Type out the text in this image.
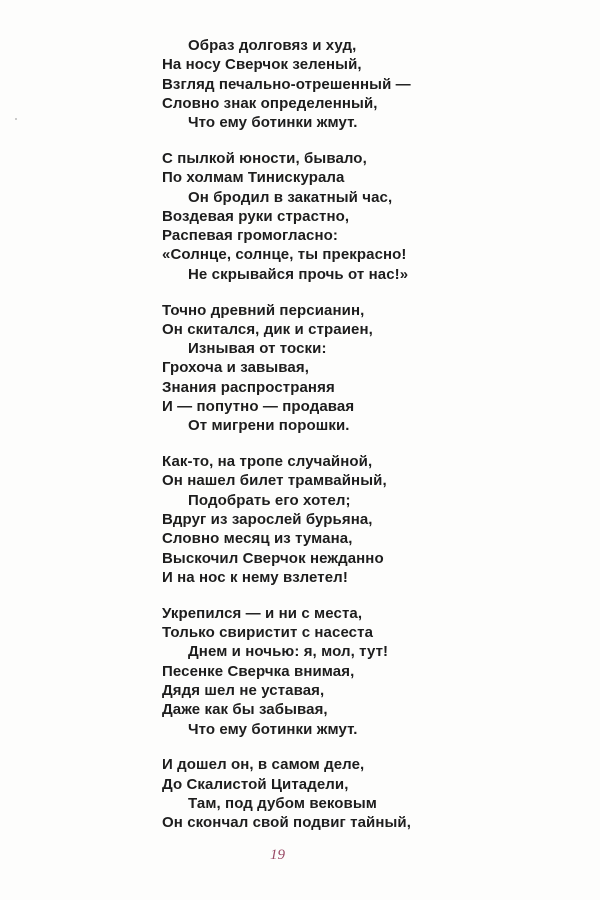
Образ долговяз и худ,
На носу Сверчок зеленый,
Взгляд печально-отрешенный —
Словно знак определенный,
Что ему ботинки жмут.
С пылкой юности, бывало,
По холмам Тинискурала
Он бродил в закатный час,
Воздевая руки страстно,
Распевая громогласно:
«Солнце, солнце, ты прекрасно!
Не скрывайся прочь от нас!»
Точно древний персианин,
Он скитался, дик и страиен,
Изнывая от тоски:
Грохоча и завывая,
Знания распространяя
И — попутно — продавая
От мигрени порошки.
Как-то, на тропе случайной,
Он нашел билет трамвайный,
Подобрать его хотел;
Вдруг из зарослей бурьяна,
Словно месяц из тумана,
Выскочил Сверчок нежданно
И на нос к нему взлетел!
Укрепился — и ни с места,
Только свиристит с насеста
Днем и ночью: я, мол, тут!
Песенке Сверчка внимая,
Дядя шел не уставая,
Даже как бы забывая,
Что ему ботинки жмут.
И дошел он, в самом деле,
До Скалистой Цитадели,
Там, под дубом вековым
Он скончал свой подвиг тайный,
19
